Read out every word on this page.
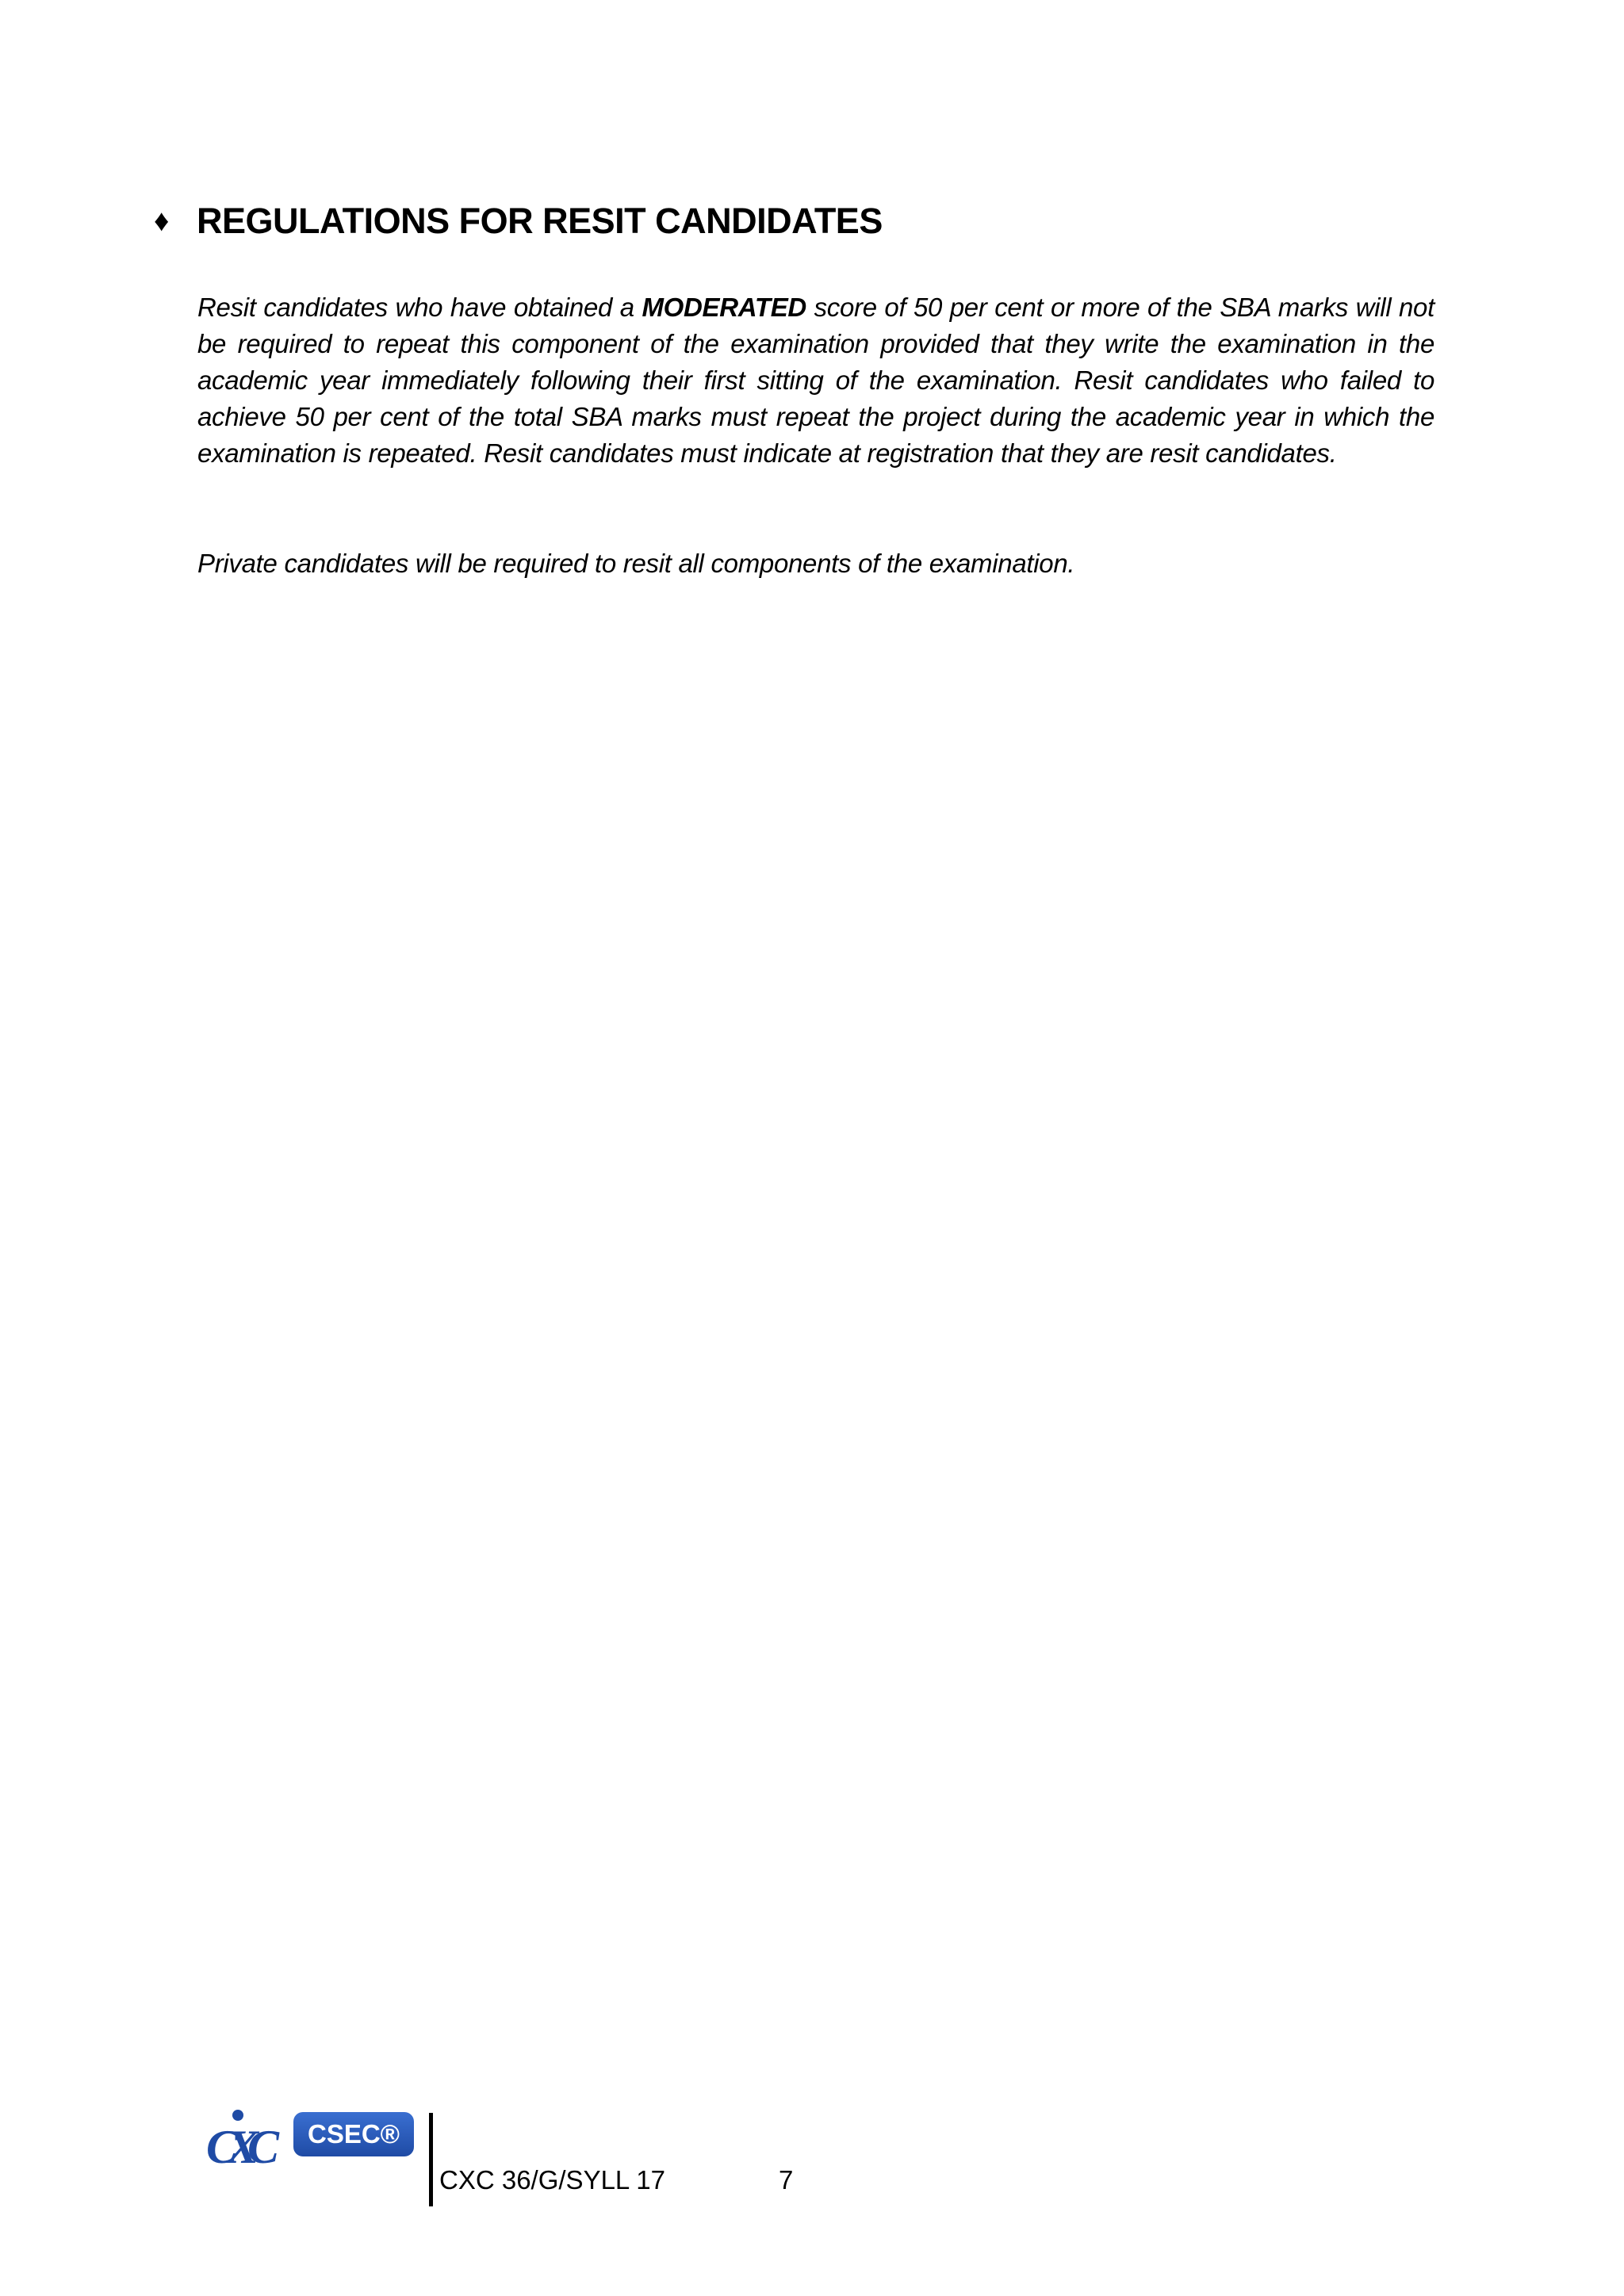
♦ REGULATIONS FOR RESIT CANDIDATES
Resit candidates who have obtained a MODERATED score of 50 per cent or more of the SBA marks will not be required to repeat this component of the examination provided that they write the examination in the academic year immediately following their first sitting of the examination. Resit candidates who failed to achieve 50 per cent of the total SBA marks must repeat the project during the academic year in which the examination is repeated. Resit candidates must indicate at registration that they are resit candidates.
Private candidates will be required to resit all components of the examination.
CXC	CSEC®
CXC 36/G/SYLL 17	7
